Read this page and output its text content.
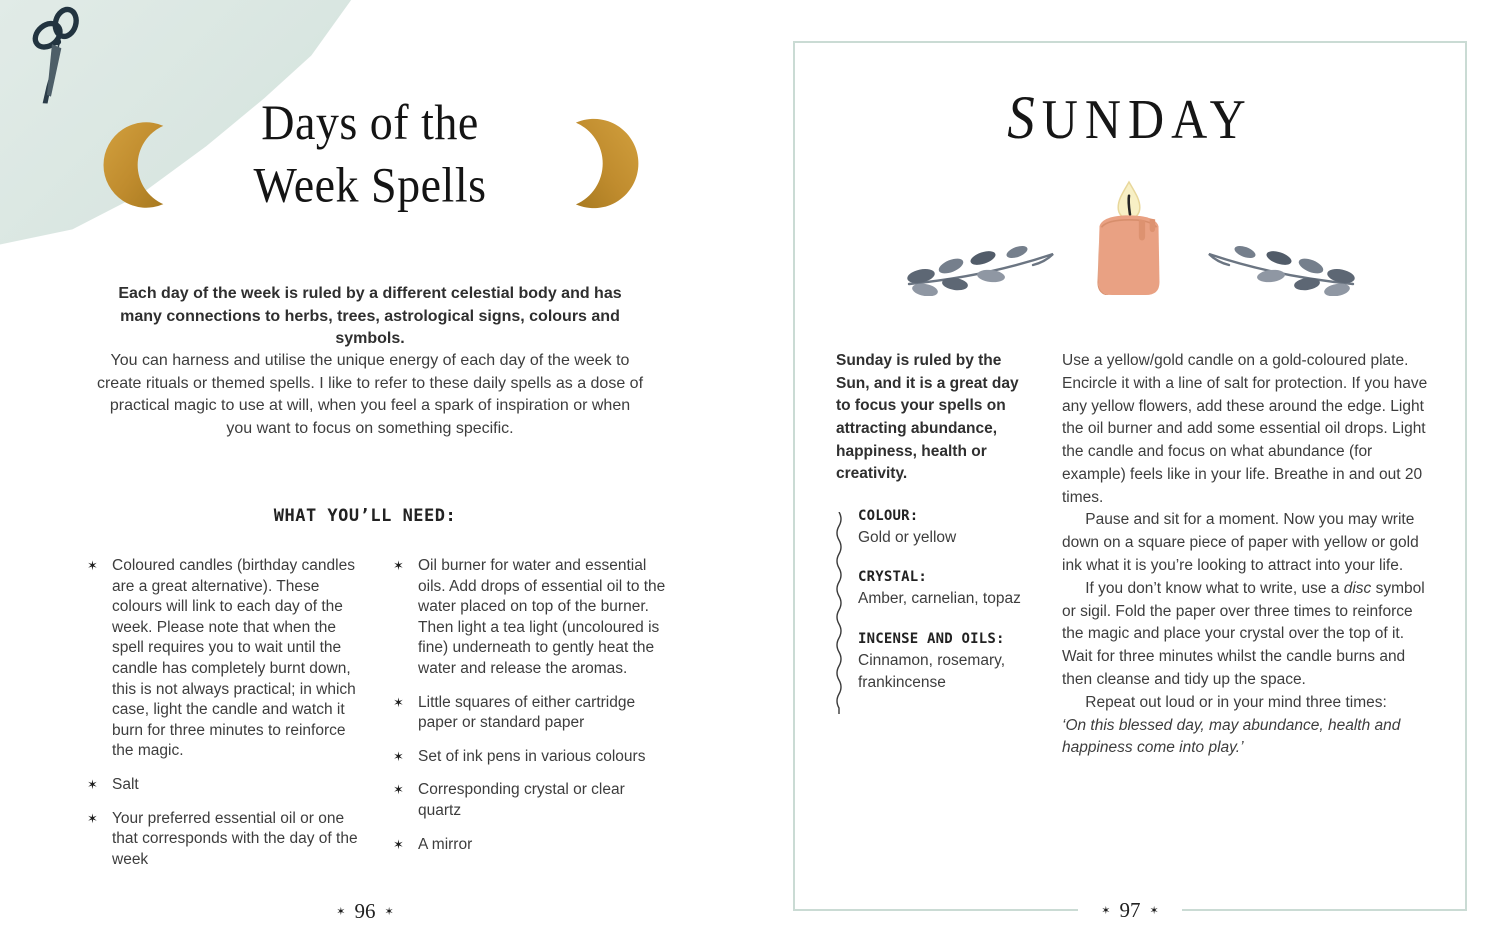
Days of the
Week Spells

Each day of the week is ruled by a different celestial body and has many connections to herbs, trees, astrological signs, colours and symbols.

You can harness and utilise the unique energy of each day of the week to create rituals or themed spells. I like to refer to these daily spells as a dose of practical magic to use at will, when you feel a spark of inspiration or when you want to focus on something specific.

WHAT YOU’LL NEED:
✶ Coloured candles (birthday candles are a great alternative). These colours will link to each day of the week. Please note that when the spell requires you to wait until the candle has completely burnt down, this is not always practical; in which case, light the candle and watch it burn for three minutes to reinforce the magic.
✶ Salt
✶ Your preferred essential oil or one that corresponds with the day of the week
✶ Oil burner for water and essential oils. Add drops of essential oil to the water placed on top of the burner. Then light a tea light (uncoloured is fine) underneath to gently heat the water and release the aromas.
✶ Little squares of either cartridge paper or standard paper
✶ Set of ink pens in various colours
✶ Corresponding crystal or clear quartz
✶ A mirror
✶ 96 ✶
SUNDAY

Sunday is ruled by the Sun, and it is a great day to focus your spells on attracting abundance, happiness, health or creativity.

COLOUR:
Gold or yellow
CRYSTAL:
Amber, carnelian, topaz
INCENSE AND OILS:
Cinnamon, rosemary, frankincense

Use a yellow/gold candle on a gold-coloured plate. Encircle it with a line of salt for protection. If you have any yellow flowers, add these around the edge. Light the oil burner and add some essential oil drops. Light the candle and focus on what abundance (for example) feels like in your life. Breathe in and out 20 times.

Pause and sit for a moment. Now you may write down on a square piece of paper with yellow or gold ink what it is you’re looking to attract into your life.

If you don’t know what to write, use a disc symbol or sigil. Fold the paper over three times to reinforce the magic and place your crystal over the top of it. Wait for three minutes whilst the candle burns and then cleanse and tidy up the space.

Repeat out loud or in your mind three times:

‘On this blessed day, may abundance, health and happiness come into play.’

✶ 97 ✶
